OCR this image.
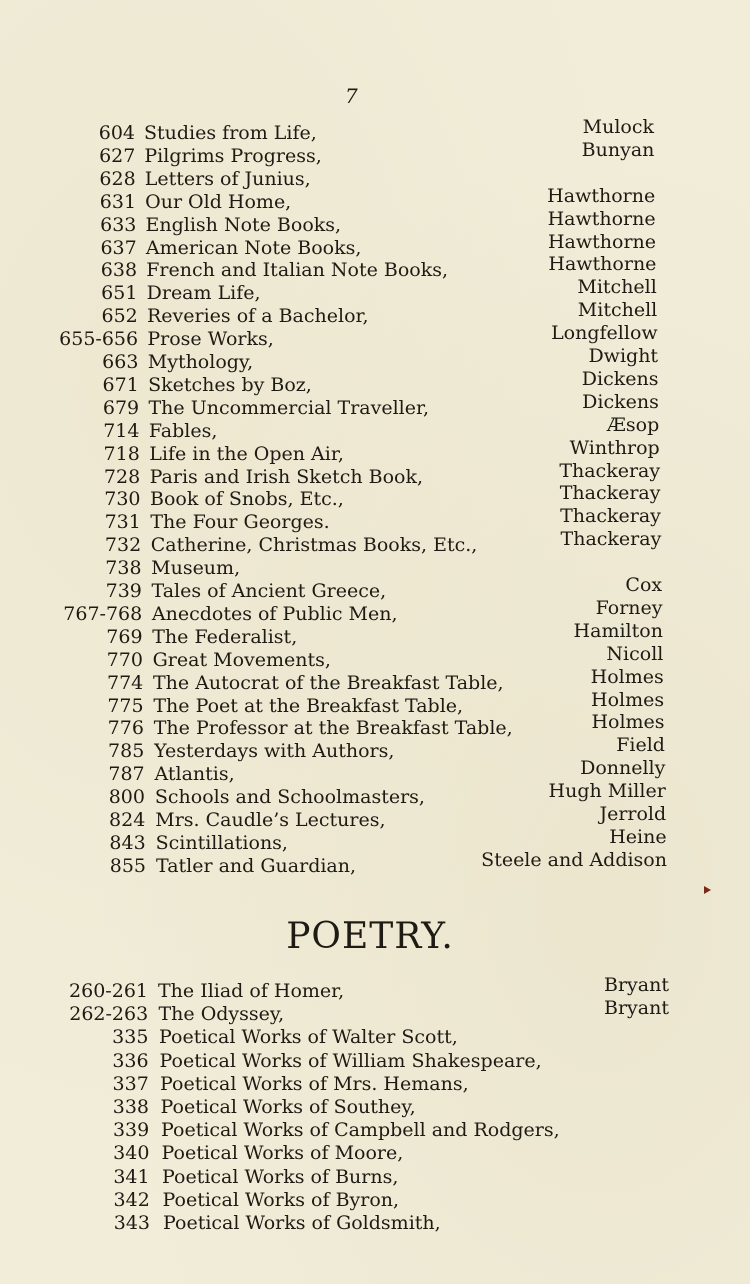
7
604 Studies from Life,	Mulock
627 Pilgrims Progress,	Bunyan
628 Letters of Junius,
631 Our Old Home,	Hawthorne
633 English Note Books,	Hawthorne
637 American Note Books,	Hawthorne
638 French and Italian Note Books,	Hawthorne
651 Dream Life,	Mitchell
652 Reveries of a Bachelor,	Mitchell
655-656 Prose Works,	Longfellow
663 Mythology,	Dwight
671 Sketches by Boz,	Dickens
679 The Uncommercial Traveller,	Dickens
714 Fables,	Æsop
718 Life in the Open Air,	Winthrop
728 Paris and Irish Sketch Book,	Thackeray
730 Book of Snobs, Etc.,	Thackeray
731 The Four Georges.	Thackeray
732 Catherine, Christmas Books, Etc.,	Thackeray
738 Museum,
739 Tales of Ancient Greece,	Cox
767-768 Anecdotes of Public Men,	Forney
769 The Federalist,	Hamilton
770 Great Movements,	Nicoll
774 The Autocrat of the Breakfast Table,	Holmes
775 The Poet at the Breakfast Table,	Holmes
776 The Professor at the Breakfast Table,	Holmes
785 Yesterdays with Authors,	Field
787 Atlantis,	Donnelly
800 Schools and Schoolmasters,	Hugh Miller
824 Mrs. Caudle’s Lectures,	Jerrold
843 Scintillations,	Heine
855 Tatler and Guardian,	Steele and Addison
POETRY.
260-261 The Iliad of Homer,	Bryant
262-263 The Odyssey,	Bryant
335 Poetical Works of Walter Scott,
336 Poetical Works of William Shakespeare,
337 Poetical Works of Mrs. Hemans,
338 Poetical Works of Southey,
339 Poetical Works of Campbell and Rodgers,
340 Poetical Works of Moore,
341 Poetical Works of Burns,
342 Poetical Works of Byron,
343 Poetical Works of Goldsmith,
